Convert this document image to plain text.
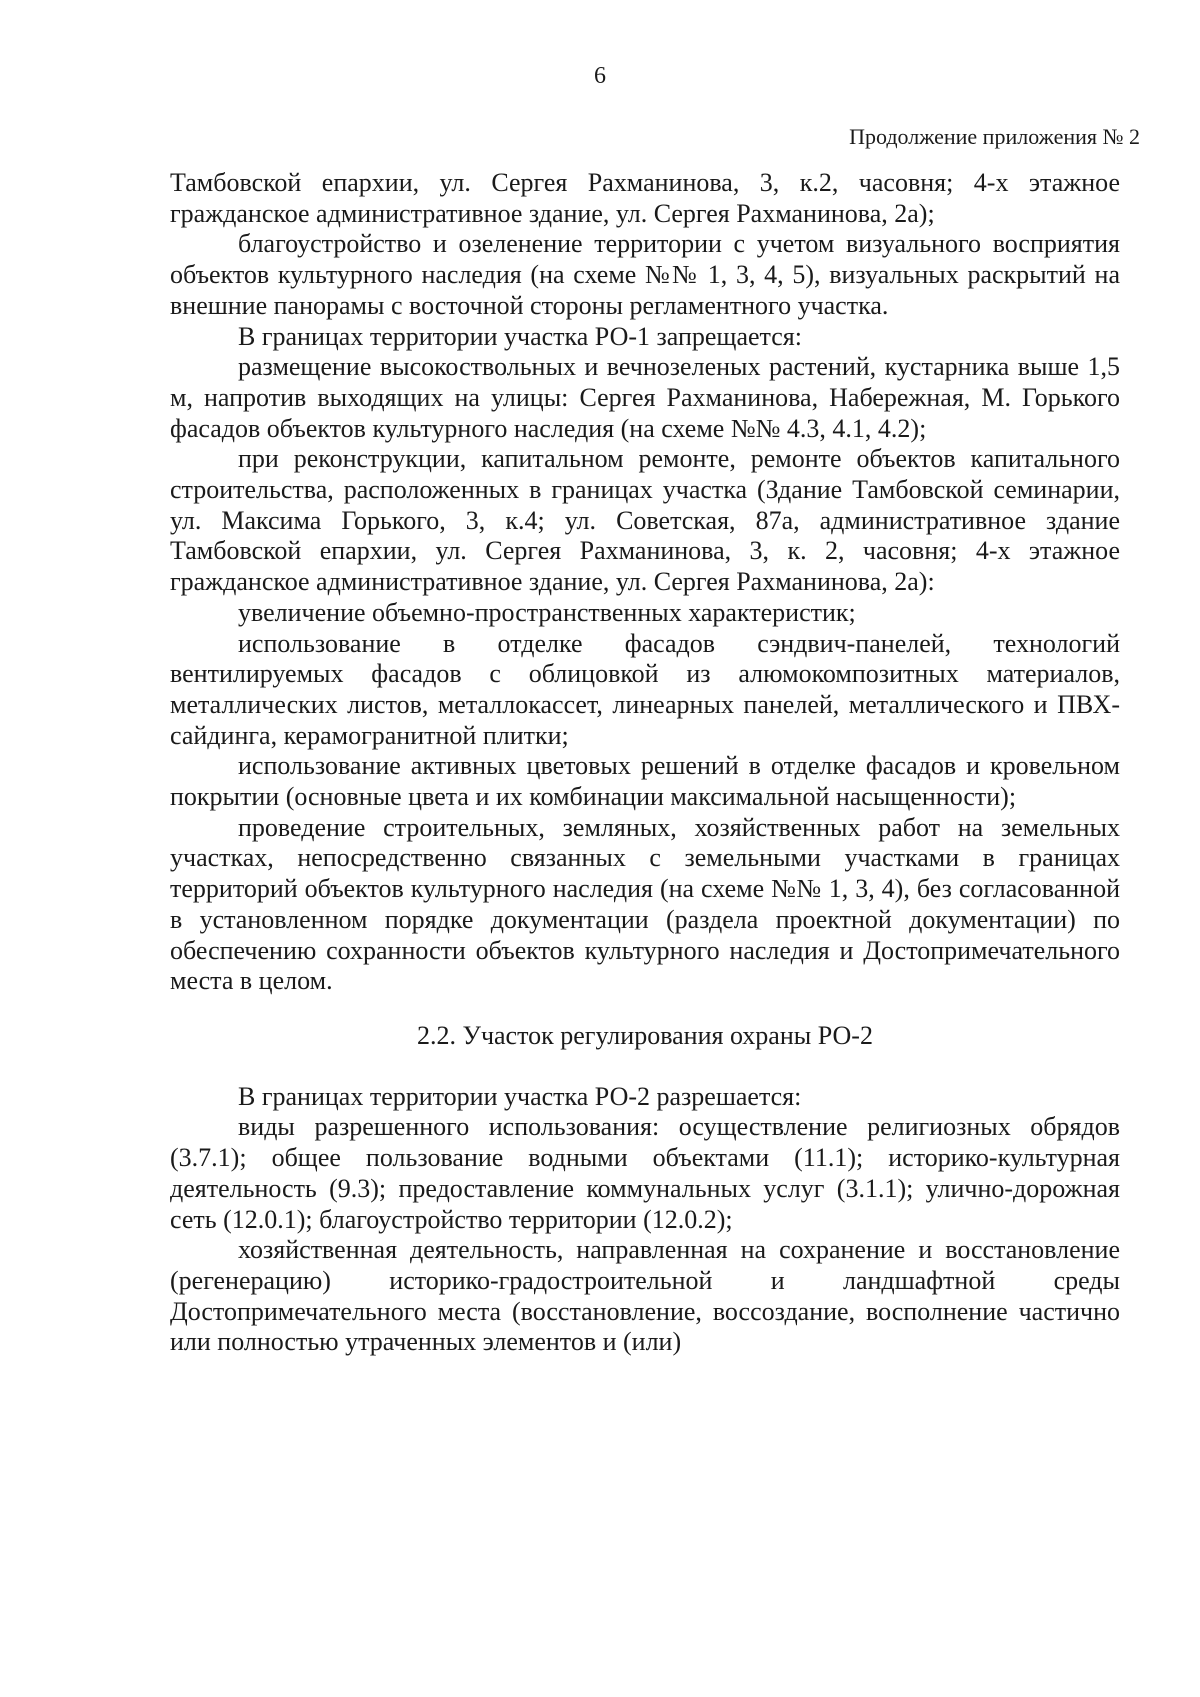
6
Продолжение приложения № 2

Тамбовской епархии, ул. Сергея Рахманинова, 3, к.2, часовня; 4-х этажное гражданское административное здание, ул. Сергея Рахманинова, 2а);

благоустройство и озеленение территории с учетом визуального восприятия объектов культурного наследия (на схеме №№ 1, 3, 4, 5), визуальных раскрытий на внешние панорамы с восточной стороны регламентного участка.

В границах территории участка РО-1 запрещается:

размещение высокоствольных и вечнозеленых растений, кустарника выше 1,5 м, напротив выходящих на улицы: Сергея Рахманинова, Набережная, М. Горького фасадов объектов культурного наследия (на схеме №№ 4.3, 4.1, 4.2);

при реконструкции, капитальном ремонте, ремонте объектов капитального строительства, расположенных в границах участка (Здание Тамбовской семинарии, ул. Максима Горького, 3, к.4; ул. Советская, 87а, административное здание Тамбовской епархии, ул. Сергея Рахманинова, 3, к. 2, часовня; 4-х этажное гражданское административное здание, ул. Сергея Рахманинова, 2а):

увеличение объемно-пространственных характеристик;

использование в отделке фасадов сэндвич-панелей, технологий вентилируемых фасадов с облицовкой из алюмокомпозитных материалов, металлических листов, металлокассет, линеарных панелей, металлического и ПВХ-сайдинга, керамогранитной плитки;

использование активных цветовых решений в отделке фасадов и кровельном покрытии (основные цвета и их комбинации максимальной насыщенности);

проведение строительных, земляных, хозяйственных работ на земельных участках, непосредственно связанных с земельными участками в границах территорий объектов культурного наследия (на схеме №№ 1, 3, 4), без согласованной в установленном порядке документации (раздела проектной документации) по обеспечению сохранности объектов культурного наследия и Достопримечательного места в целом.

2.2. Участок регулирования охраны РО-2

В границах территории участка РО-2 разрешается:

виды разрешенного использования: осуществление религиозных обрядов (3.7.1); общее пользование водными объектами (11.1); историко-культурная деятельность (9.3); предоставление коммунальных услуг (3.1.1); улично-дорожная сеть (12.0.1); благоустройство территории (12.0.2);

хозяйственная деятельность, направленная на сохранение и восстановление (регенерацию) историко-градостроительной и ландшафтной среды Достопримечательного места (восстановление, воссоздание, восполнение частично или полностью утраченных элементов и (или)
